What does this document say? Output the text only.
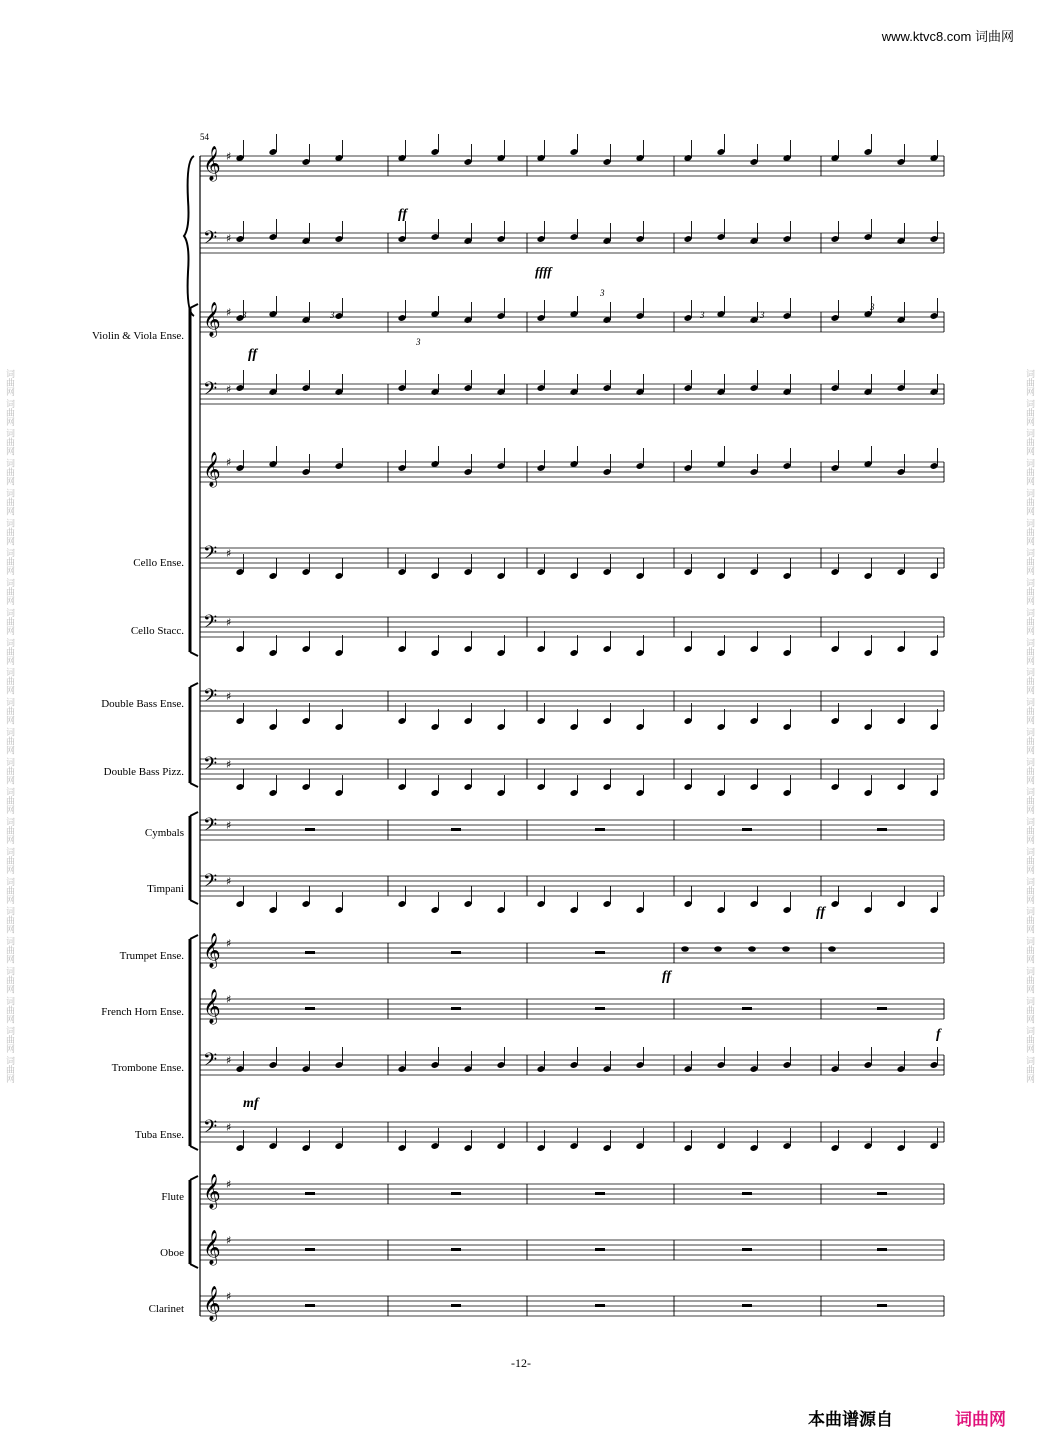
词曲网 词曲网 词曲网 词曲网 词曲网 词曲网 词曲网 词曲网 词曲网 词曲网 词曲网 词曲网 词曲网 词曲网 词曲网 词曲网 词曲网 词曲网 词曲网 词曲网 词曲网 词曲网 词曲网 词曲网
词曲网 词曲网 词曲网 词曲网 词曲网 词曲网 词曲网 词曲网 词曲网 词曲网 词曲网 词曲网 词曲网 词曲网 词曲网 词曲网 词曲网 词曲网 词曲网 词曲网 词曲网 词曲网 词曲网 词曲网
www.ktvc8.com 词曲网
54
Violin & Viola Ense.
Cello Ense.
Cello Stacc.
Double Bass Ense.
Double Bass Pizz.
Cymbals
Timpani
Trumpet Ense.
French Horn Ense.
Trombone Ense.
Tuba Ense.
Flute
Oboe
Clarinet
𝄞 ♯
𝄢 ♯
𝄞 ♯
𝄢 ♯
𝄞 ♯
𝄢 ♯
𝄢 ♯
𝄢 ♯
𝄢 ♯
𝄢 ♯
𝄢 ♯
𝄞 ♯
𝄞 ♯
𝄢 ♯
𝄢 ♯
𝄞 ♯
𝄞 ♯
𝄞 ♯
ff
ffff
ff
ff
ff
f
mf
3	3
3
3
3	3
3
-12-
本曲谱源自	词曲网
